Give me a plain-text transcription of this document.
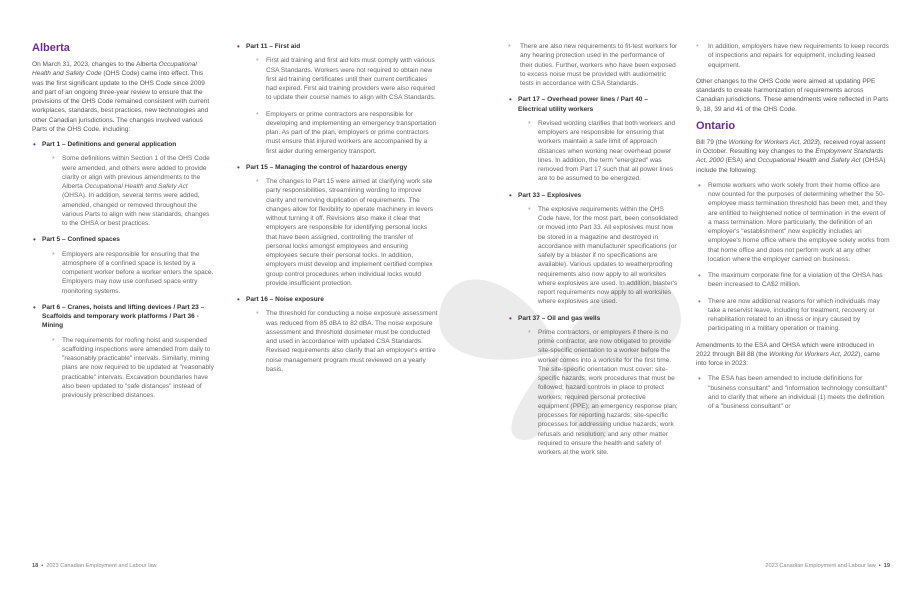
Alberta

On March 31, 2023, changes to the Alberta Occupational Health and Safety Code (OHS Code) came into effect. This was the first significant update to the OHS Code since 2009 and part of an ongoing three-year review to ensure that the provisions of the OHS Code remained consistent with current workplaces, standards, best practices, new technologies and other Canadian jurisdictions. The changes involved various Parts of the OHS Code, including:

• Part 1 – Definitions and general application
* Some definitions within Section 1 of the OHS Code were amended, and others were added to provide clarity or align with previous amendments to the Alberta Occupational Health and Safety Act (OHSA). In addition, several terms were added, amended, changed or removed throughout the various Parts to align with new standards, changes to the OHSA or best practices.
• Part 5 – Confined spaces
* Employers are responsible for ensuring that the atmosphere of a confined space is tested by a competent worker before a worker enters the space. Employers may now use confused space entry monitoring systems.
• Part 6 – Cranes, hoists and lifting devices / Part 23 – Scaffolds and temporary work platforms / Part 36 - Mining
* The requirements for roofing hoist and suspended scaffolding inspections were amended from daily to "reasonably practicable" intervals. Similarly, mining plans are now required to be updated at "reasonably practicable" intervals. Excavation boundaries have also been updated to "safe distances" instead of previously prescribed distances.
• Part 11 – First aid
* First aid training and first aid kits must comply with various CSA Standards. Workers were not required to obtain new first aid training certificates until their current certificates had expired. First aid training providers were also required to update their course names to align with CSA Standards.
* Employers or prime contractors are responsible for developing and implementing an emergency transportation plan. As part of the plan, employers or prime contractors must ensure that injured workers are accompanied by a first aider during emergency transport.
• Part 15 – Managing the control of hazardous energy
* The changes to Part 15 were aimed at clarifying work site party responsibilities, streamlining wording to improve clarity and removing duplication of requirements. The changes allow for flexibility to operate machinery in levers without turning it off. Revisions also make it clear that employers are responsible for identifying personal locks that have been assigned, controlling the transfer of personal locks amongst employees and ensuring employees secure their personal locks. In addition, employers must develop and implement certified complex group control procedures when individual locks would provide insufficient protection.
• Part 16 – Noise exposure
* The threshold for conducting a noise exposure assessment was reduced from 85 dBA to 82 dBA. The noise exposure assessment and threshold dosimeter must be conducted and used in accordance with updated CSA Standards. Revised requirements also clarify that an employer's entire noise management program must reviewed on a yearly basis.
* There are also new requirements to fit-test workers for any hearing protection used in the performance of their duties. Further, workers who have been exposed to excess noise must be provided with audiometric tests in accordance with CSA Standards.
• Part 17 – Overhead power lines / Part 40 – Electrical utility workers
* Revised wording clarifies that both workers and employers are responsible for ensuring that workers maintain a safe limit of approach distances when working near overhead power lines. In addition, the term "energized" was removed from Part 17 such that all power lines are to be assumed to be energized.
• Part 33 – Explosives
* The explosive requirements within the OHS Code have, for the most part, been consolidated or moved into Part 33. All explosives must now be stored in a magazine and destroyed in accordance with manufacturer specifications (or safely by a blaster if no specifications are available). Various updates to weatherproofing requirements also now apply to all worksites where explosives are used. In addition, blaster's report requirements now apply to all worksites where explosives are used.
• Part 37 – Oil and gas wells
* Prime contractors, or employers if there is no prime contractor, are now obligated to provide site-specific orientation to a worker before the worker comes into a worksite for the first time. The site-specific orientation must cover: site-specific hazards; work procedures that must be followed; hazard controls in place to protect workers; required personal protective equipment (PPE); an emergency response plan; processes for reporting hazards; site-specific processes for addressing undue hazards; work refusals and resolution; and any other matter required to ensure the health and safety of workers at the work site.
* In addition, employers have new requirements to keep records of inspections and repairs for equipment, including leased equipment.

Other changes to the OHS Code were aimed at updating PPE standards to create harmonization of requirements across Canadian jurisdictions. These amendments were reflected in Parts 9, 18, 39 and 41 of the OHS Code.

Ontario

Bill 79 (the Working for Workers Act, 2023), received royal assent in October. Resulting key changes to the Employment Standards Act, 2000 (ESA) and Occupational Health and Safety Act (OHSA) include the following:

• Remote workers who work solely from their home office are now counted for the purposes of determining whether the 50-employee mass termination threshold has been met, and they are entitled to heightened notice of termination in the event of a mass termination. More particularly, the definition of an employer's "establishment" now explicitly includes an employee's home office where the employee solely works from that home office and does not perform work at any other location where the employer carried on business.
• The maximum corporate fine for a violation of the OHSA has been increased to CA$2 million.
• There are now additional reasons for which individuals may take a reservist leave, including for treatment, recovery or rehabilitation related to an illness or injury caused by participating in a military operation or training.

Amendments to the ESA and OHSA which were introduced in 2022 through Bill 88 (the Working for Workers Act, 2022), came into force in 2023:

• The ESA has been amended to include definitions for "business consultant" and "information technology consultant" and to clarify that where an individual (1) meets the definition of a "business consultant" or
18 • 2023 Canadian Employment and Labour law	2023 Canadian Employment and Labour law • 19
